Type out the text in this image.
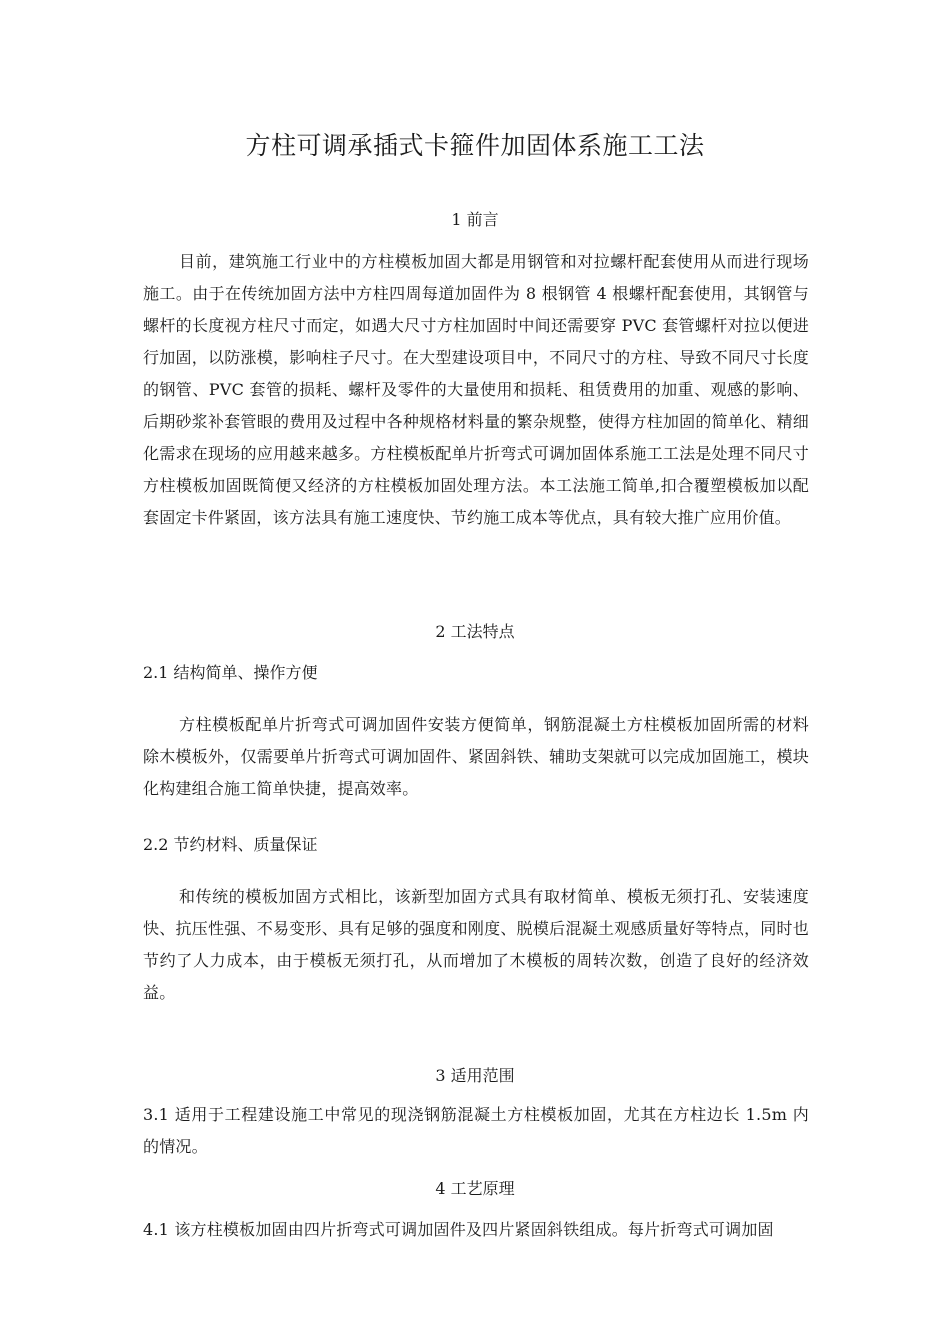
方柱可调承插式卡箍件加固体系施工工法
1 前言

目前，建筑施工行业中的方柱模板加固大都是用钢管和对拉螺杆配套使用从而进行现场施工。由于在传统加固方法中方柱四周每道加固件为 8 根钢管 4 根螺杆配套使用，其钢管与螺杆的长度视方柱尺寸而定，如遇大尺寸方柱加固时中间还需要穿 PVC 套管螺杆对拉以便进行加固，以防涨模，影响柱子尺寸。在大型建设项目中，不同尺寸的方柱、导致不同尺寸长度的钢管、PVC 套管的损耗、螺杆及零件的大量使用和损耗、租赁费用的加重、观感的影响、后期砂浆补套管眼的费用及过程中各种规格材料量的繁杂规整，使得方柱加固的简单化、精细化需求在现场的应用越来越多。方柱模板配单片折弯式可调加固体系施工工法是处理不同尺寸方柱模板加固既简便又经济的方柱模板加固处理方法。本工法施工简单,扣合覆塑模板加以配套固定卡件紧固，该方法具有施工速度快、节约施工成本等优点，具有较大推广应用价值。

2 工法特点
2.1 结构简单、操作方便

方柱模板配单片折弯式可调加固件安装方便简单，钢筋混凝土方柱模板加固所需的材料除木模板外，仅需要单片折弯式可调加固件、紧固斜铁、辅助支架就可以完成加固施工，模块化构建组合施工简单快捷，提高效率。

2.2 节约材料、质量保证

和传统的模板加固方式相比，该新型加固方式具有取材简单、模板无须打孔、安装速度快、抗压性强、不易变形、具有足够的强度和刚度、脱模后混凝土观感质量好等特点，同时也节约了人力成本，由于模板无须打孔，从而增加了木模板的周转次数，创造了良好的经济效益。

3 适用范围

3.1 适用于工程建设施工中常见的现浇钢筋混凝土方柱模板加固，尤其在方柱边长 1.5m 内的情况。

4 工艺原理

4.1 该方柱模板加固由四片折弯式可调加固件及四片紧固斜铁组成。每片折弯式可调加固
